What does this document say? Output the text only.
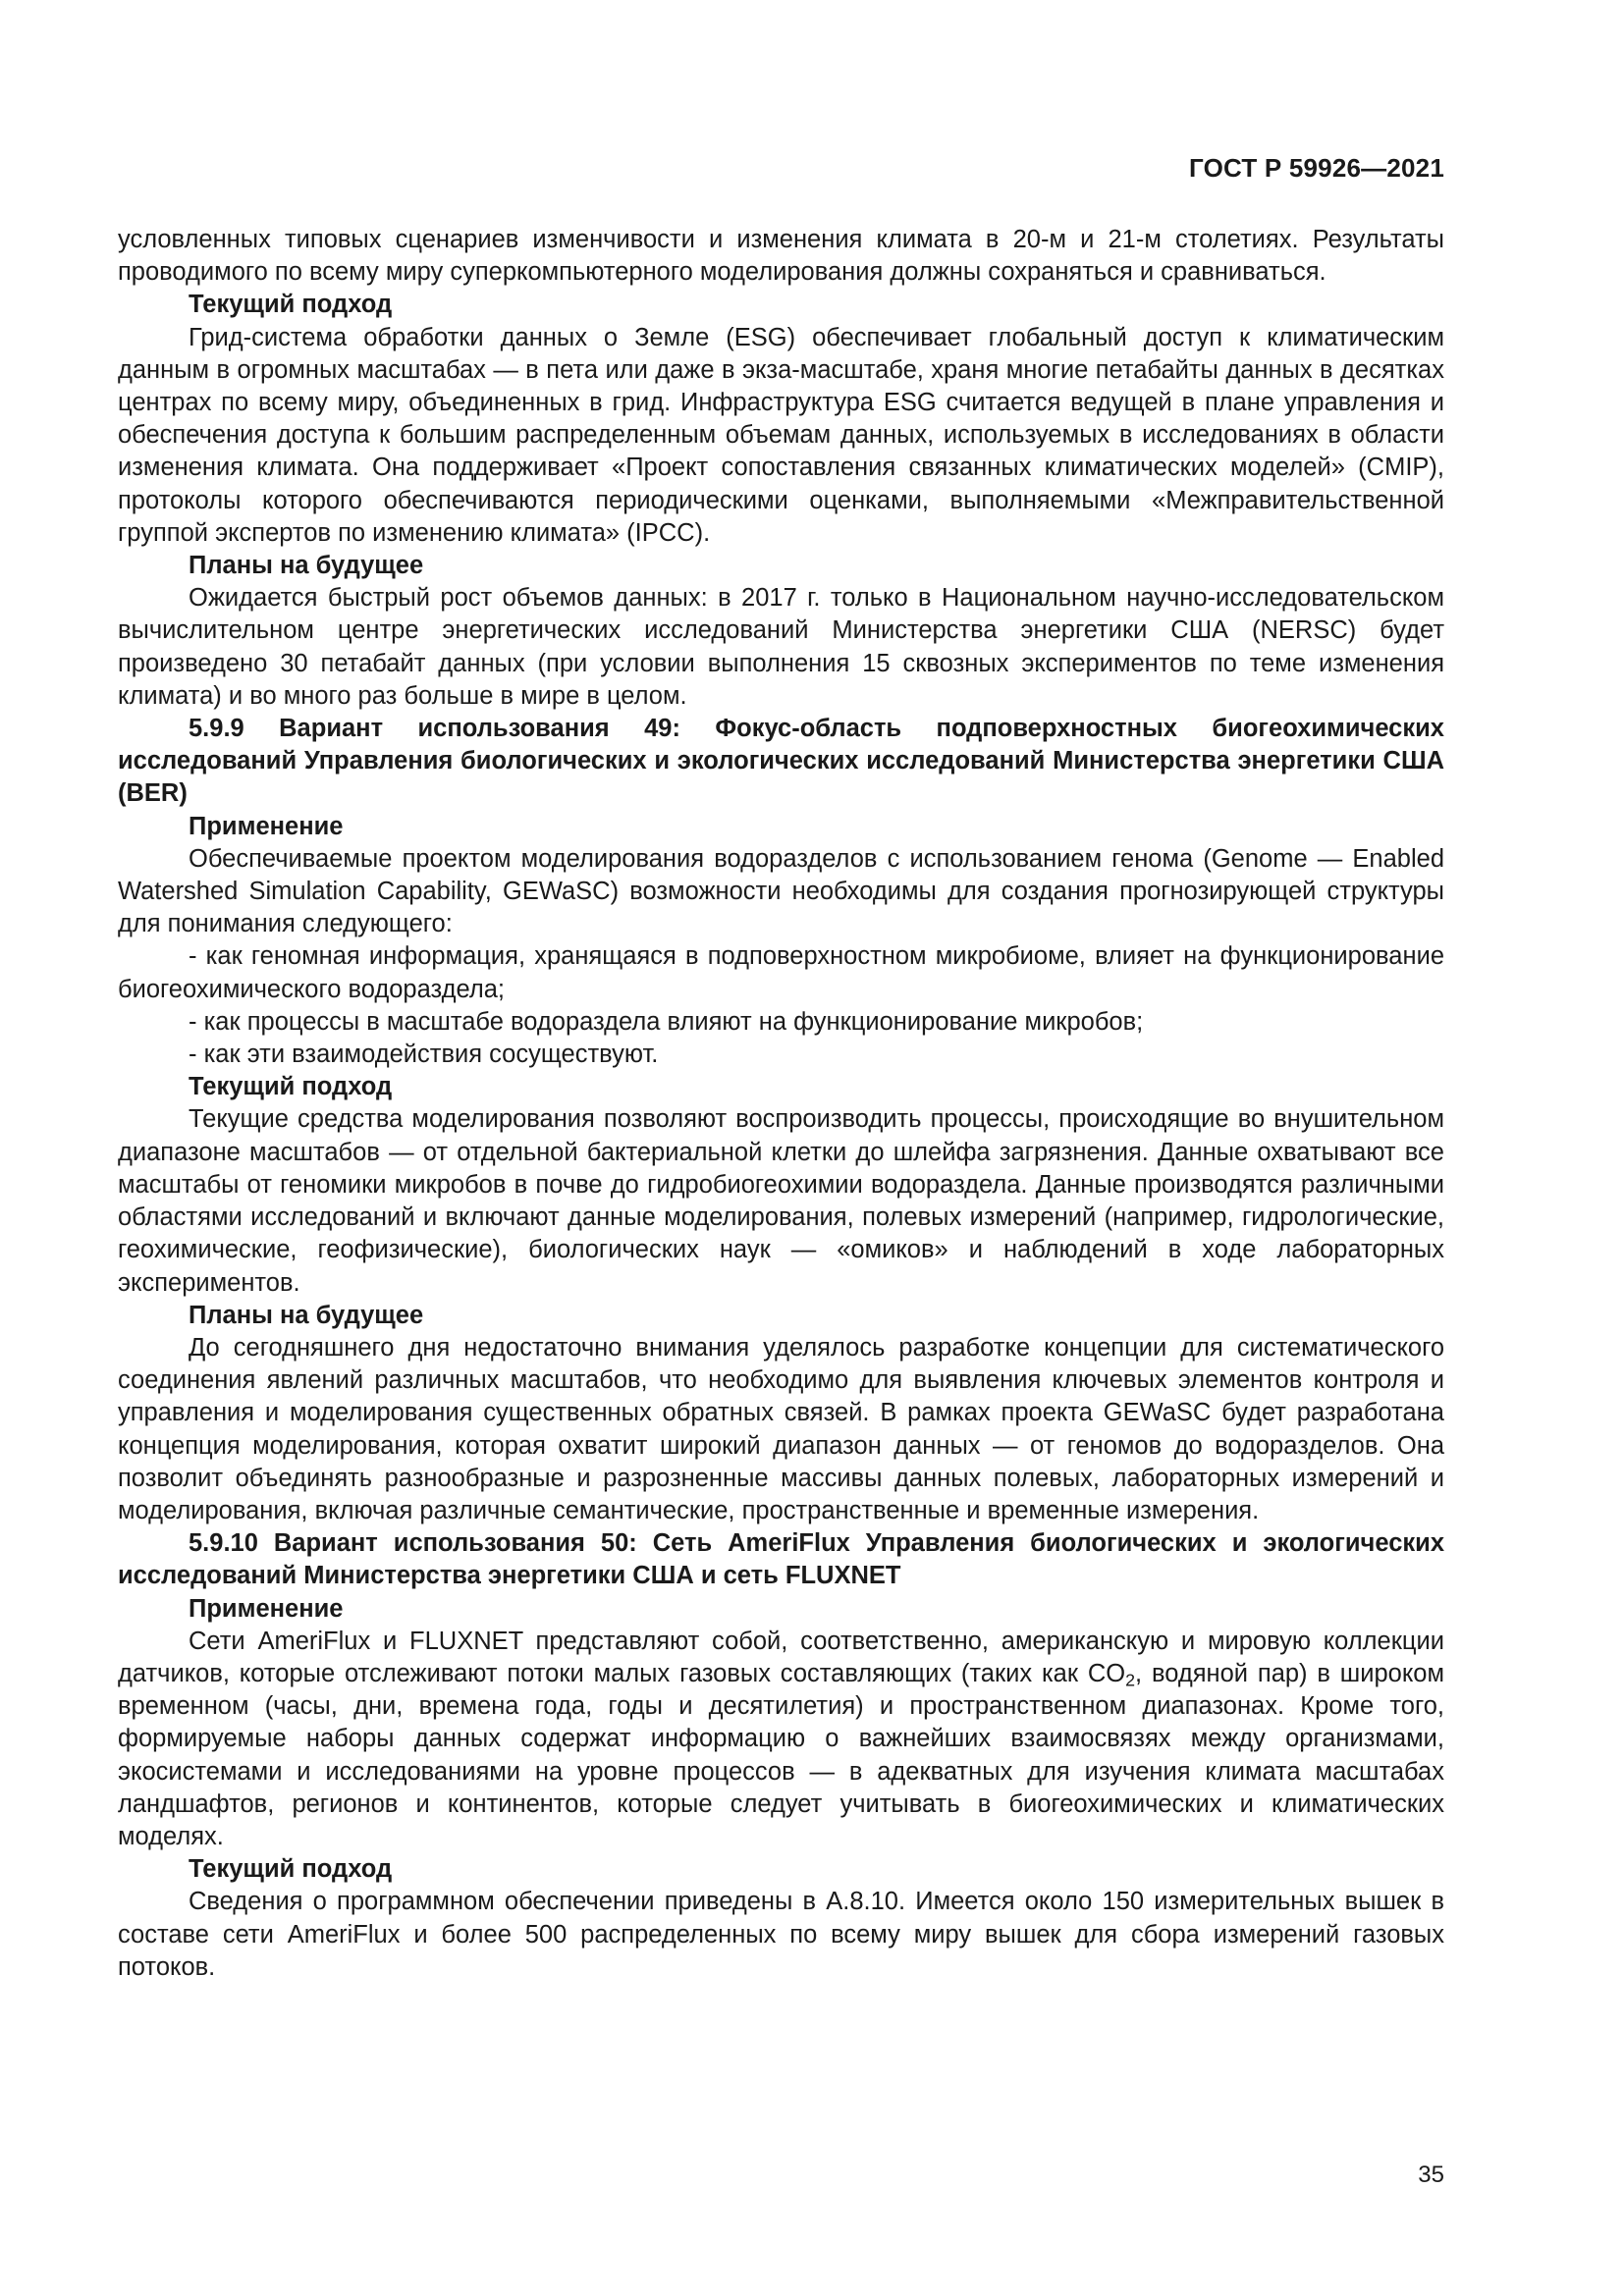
ГОСТ Р 59926—2021

условленных типовых сценариев изменчивости и изменения климата в 20-м и 21-м столетиях. Результаты проводимого по всему миру суперкомпьютерного моделирования должны сохраняться и сравниваться.

Текущий подход

Грид-система обработки данных о Земле (ESG) обеспечивает глобальный доступ к климатическим данным в огромных масштабах — в пета или даже в экза-масштабе, храня многие петабайты данных в десятках центрах по всему миру, объединенных в грид. Инфраструктура ESG считается ведущей в плане управления и обеспечения доступа к большим распределенным объемам данных, используемых в исследованиях в области изменения климата. Она поддерживает «Проект сопоставления связанных климатических моделей» (CMIP), протоколы которого обеспечиваются периодическими оценками, выполняемыми «Межправительственной группой экспертов по изменению климата» (IPCC).

Планы на будущее

Ожидается быстрый рост объемов данных: в 2017 г. только в Национальном научно-исследовательском вычислительном центре энергетических исследований Министерства энергетики США (NERSC) будет произведено 30 петабайт данных (при условии выполнения 15 сквозных экспериментов по теме изменения климата) и во много раз больше в мире в целом.

5.9.9 Вариант использования 49: Фокус-область подповерхностных биогеохимических исследований Управления биологических и экологических исследований Министерства энергетики США (BER)

Применение

Обеспечиваемые проектом моделирования водоразделов с использованием генома (Genome — Enabled Watershed Simulation Capability, GEWaSC) возможности необходимы для создания прогнозирующей структуры для понимания следующего:

- как геномная информация, хранящаяся в подповерхностном микробиоме, влияет на функционирование биогеохимического водораздела;

- как процессы в масштабе водораздела влияют на функционирование микробов;

- как эти взаимодействия сосуществуют.

Текущий подход

Текущие средства моделирования позволяют воспроизводить процессы, происходящие во внушительном диапазоне масштабов — от отдельной бактериальной клетки до шлейфа загрязнения. Данные охватывают все масштабы от геномики микробов в почве до гидробиогеохимии водораздела. Данные производятся различными областями исследований и включают данные моделирования, полевых измерений (например, гидрологические, геохимические, геофизические), биологических наук — «омиков» и наблюдений в ходе лабораторных экспериментов.

Планы на будущее

До сегодняшнего дня недостаточно внимания уделялось разработке концепции для систематического соединения явлений различных масштабов, что необходимо для выявления ключевых элементов контроля и управления и моделирования существенных обратных связей. В рамках проекта GEWaSC будет разработана концепция моделирования, которая охватит широкий диапазон данных — от геномов до водоразделов. Она позволит объединять разнообразные и разрозненные массивы данных полевых, лабораторных измерений и моделирования, включая различные семантические, пространственные и временные измерения.

5.9.10 Вариант использования 50: Сеть AmeriFlux Управления биологических и экологических исследований Министерства энергетики США и сеть FLUXNET

Применение

Сети AmeriFlux и FLUXNET представляют собой, соответственно, американскую и мировую коллекции датчиков, которые отслеживают потоки малых газовых составляющих (таких как $CO_2$, водяной пар) в широком временном (часы, дни, времена года, годы и десятилетия) и пространственном диапазонах. Кроме того, формируемые наборы данных содержат информацию о важнейших взаимосвязях между организмами, экосистемами и исследованиями на уровне процессов — в адекватных для изучения климата масштабах ландшафтов, регионов и континентов, которые следует учитывать в биогеохимических и климатических моделях.

Текущий подход

Сведения о программном обеспечении приведены в А.8.10. Имеется около 150 измерительных вышек в составе сети AmeriFlux и более 500 распределенных по всему миру вышек для сбора измерений газовых потоков.

35
